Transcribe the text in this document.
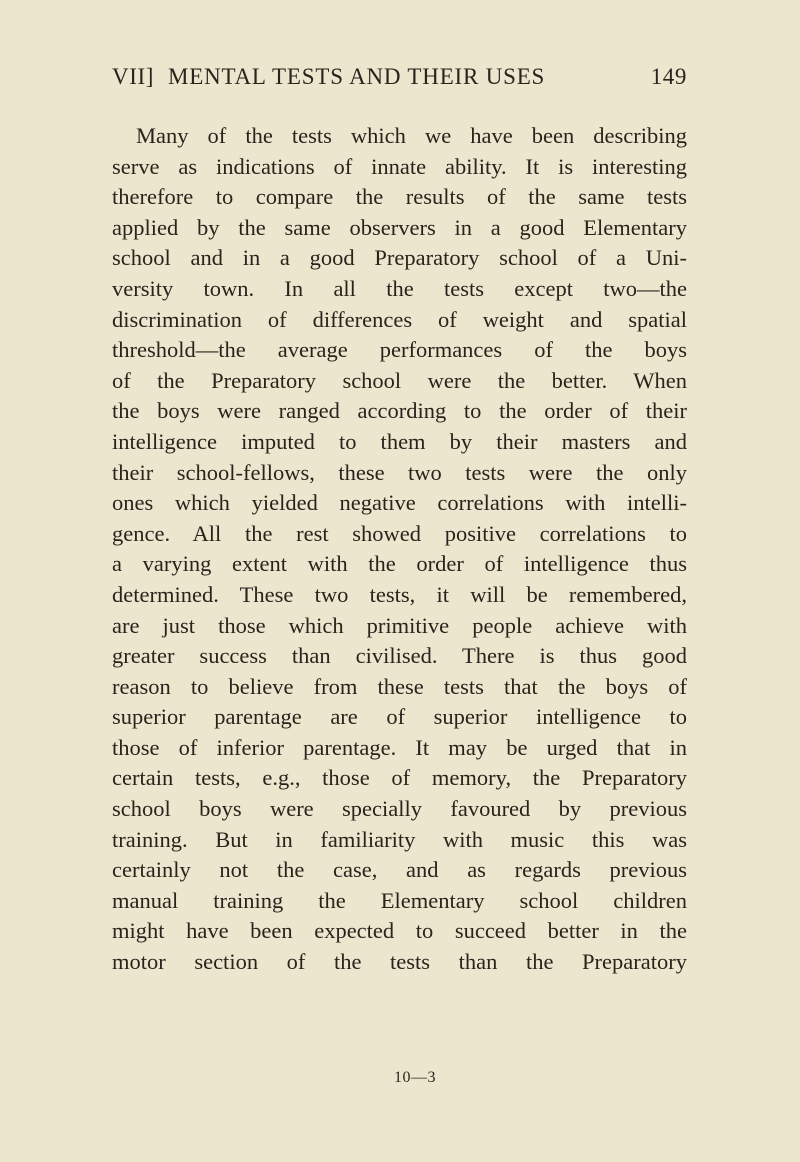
VII] MENTAL TESTS AND THEIR USES	149
Many of the tests which we have been describing
serve as indications of innate ability. It is interesting
therefore to compare the results of the same tests
applied by the same observers in a good Elementary
school and in a good Preparatory school of a Uni-
versity town. In all the tests except two—the
discrimination of differences of weight and spatial
threshold—the average performances of the boys
of the Preparatory school were the better. When
the boys were ranged according to the order of their
intelligence imputed to them by their masters and
their school-fellows, these two tests were the only
ones which yielded negative correlations with intelli-
gence. All the rest showed positive correlations to
a varying extent with the order of intelligence thus
determined. These two tests, it will be remembered,
are just those which primitive people achieve with
greater success than civilised. There is thus good
reason to believe from these tests that the boys of
superior parentage are of superior intelligence to
those of inferior parentage. It may be urged that in
certain tests, e.g., those of memory, the Preparatory
school boys were specially favoured by previous
training. But in familiarity with music this was
certainly not the case, and as regards previous
manual training the Elementary school children
might have been expected to succeed better in the
motor section of the tests than the Preparatory
10—3
